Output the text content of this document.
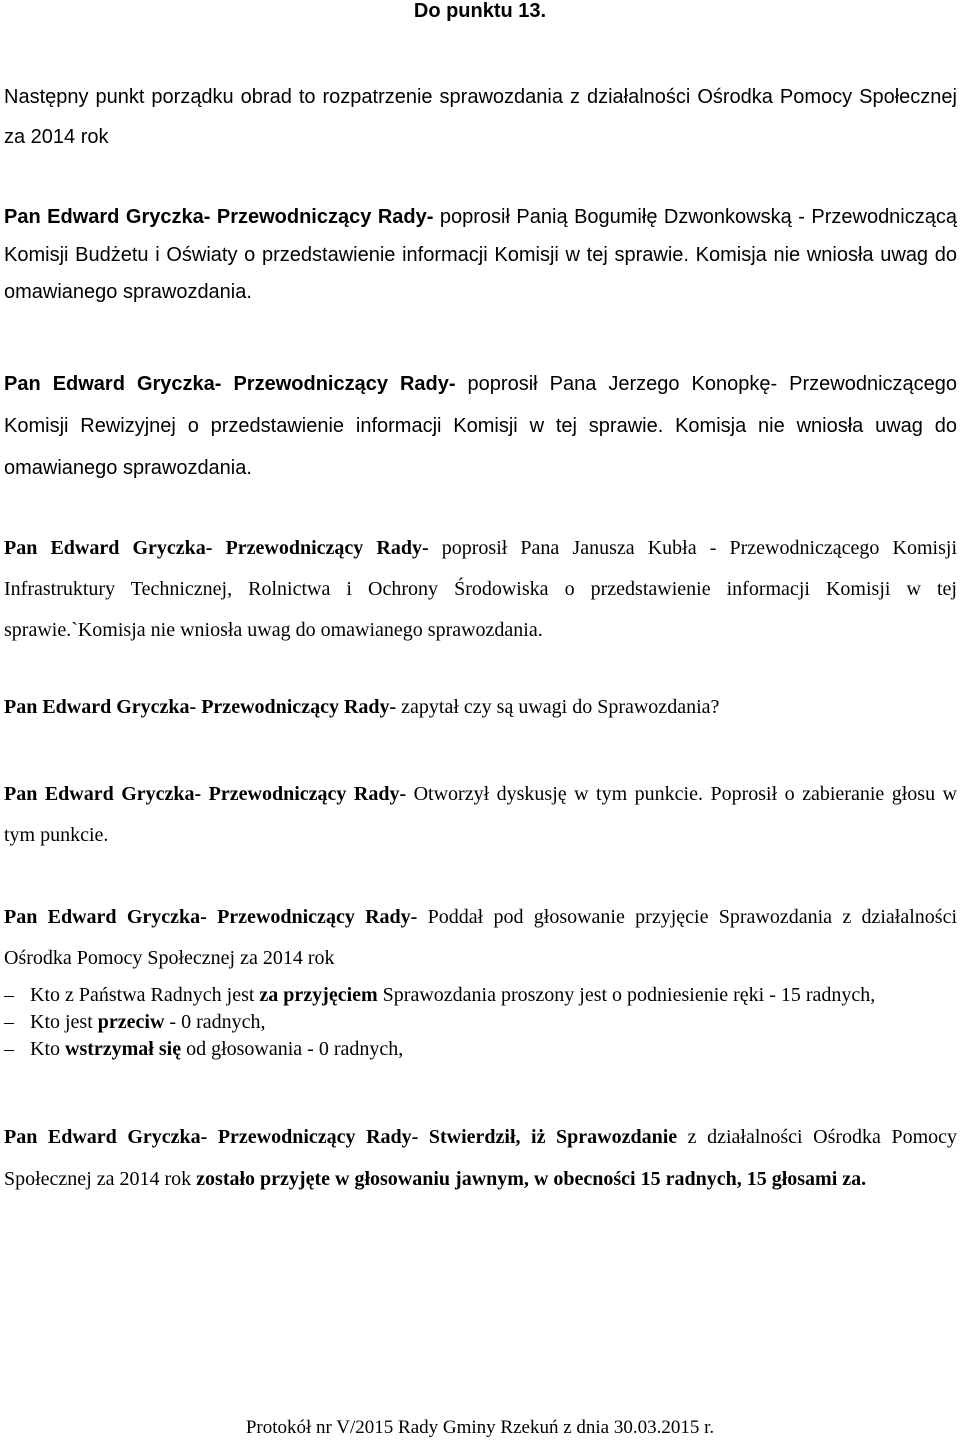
Do punktu 13.
Następny punkt porządku obrad to rozpatrzenie sprawozdania z działalności Ośrodka Pomocy Społecznej za 2014 rok
Pan Edward Gryczka- Przewodniczący Rady- poprosił Panią Bogumiłę Dzwonkowską - Przewodniczącą Komisji Budżetu i Oświaty o przedstawienie informacji Komisji w tej sprawie. Komisja nie wniosła uwag do omawianego sprawozdania.
Pan Edward Gryczka- Przewodniczący Rady- poprosił Pana Jerzego Konopkę- Przewodniczącego Komisji Rewizyjnej o przedstawienie informacji Komisji w tej sprawie. Komisja nie wniosła uwag do omawianego sprawozdania.
Pan Edward Gryczka- Przewodniczący Rady- poprosił Pana Janusza Kubła - Przewodniczącego Komisji Infrastruktury Technicznej, Rolnictwa i Ochrony Środowiska o przedstawienie informacji Komisji w tej sprawie.`Komisja nie wniosła uwag do omawianego sprawozdania.
Pan Edward Gryczka- Przewodniczący Rady- zapytał czy są uwagi do Sprawozdania?
Pan Edward Gryczka- Przewodniczący Rady- Otworzył dyskusję w tym punkcie. Poprosił o zabieranie głosu w tym punkcie.
Pan Edward Gryczka- Przewodniczący Rady- Poddał pod głosowanie przyjęcie Sprawozdania z działalności Ośrodka Pomocy Społecznej za 2014 rok
– Kto z Państwa Radnych jest za przyjęciem Sprawozdania proszony jest o podniesienie ręki - 15 radnych,
– Kto jest przeciw - 0 radnych,
– Kto wstrzymał się od głosowania - 0 radnych,
Pan Edward Gryczka- Przewodniczący Rady- Stwierdził, iż Sprawozdanie z działalności Ośrodka Pomocy Społecznej za 2014 rok zostało przyjęte w głosowaniu jawnym, w obecności 15 radnych, 15 głosami za.
Protokół nr V/2015 Rady Gminy Rzekuń z dnia 30.03.2015 r.
